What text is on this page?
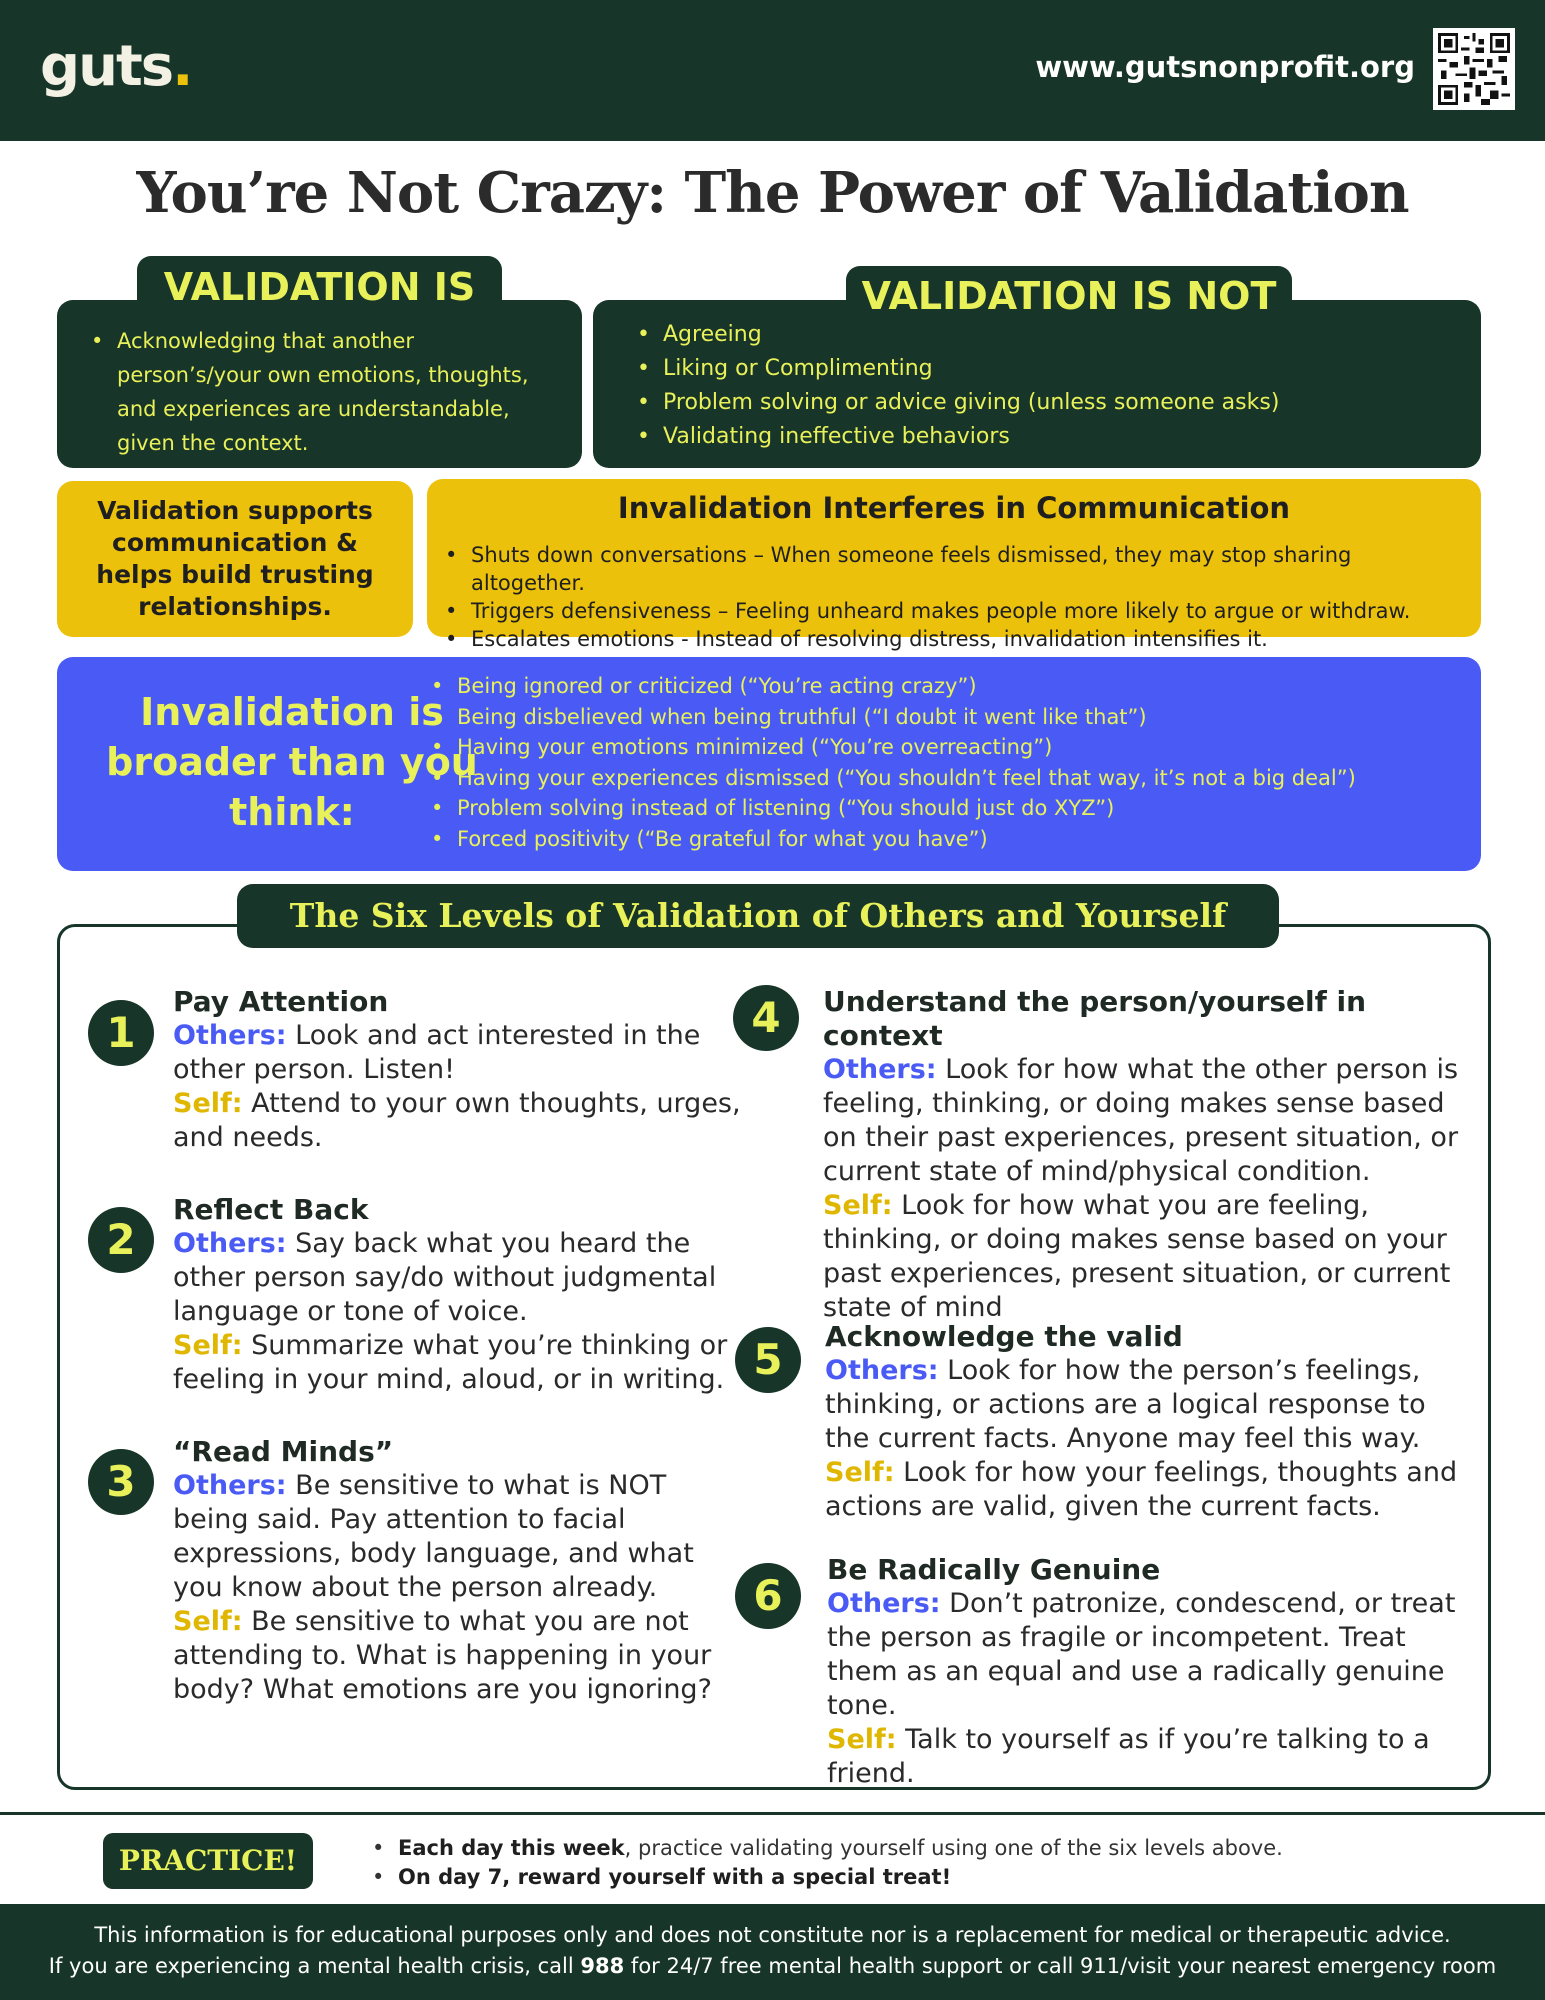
guts.	www.gutsnonprofit.org
You’re Not Crazy: The Power of Validation
• Acknowledging that another person’s/your own emotions, thoughts, and experiences are understandable, given the context.
VALIDATION IS
• Agreeing
• Liking or Complimenting
• Problem solving or advice giving (unless someone asks)
• Validating ineffective behaviors
VALIDATION IS NOT
Validation supports communication & helps build trusting relationships.
Invalidation Interferes in Communication
• Shuts down conversations – When someone feels dismissed, they may stop sharing altogether.
• Triggers defensiveness – Feeling unheard makes people more likely to argue or withdraw.
• Escalates emotions - Instead of resolving distress, invalidation intensifies it.
Invalidation is broader than you think:
• Being ignored or criticized (“You’re acting crazy”)
• Being disbelieved when being truthful (“I doubt it went like that”)
• Having your emotions minimized (“You’re overreacting”)
• Having your experiences dismissed (“You shouldn’t feel that way, it’s not a big deal”)
• Problem solving instead of listening (“You should just do XYZ”)
• Forced positivity (“Be grateful for what you have”)
The Six Levels of Validation of Others and Yourself
1
Pay Attention
Others: Look and act interested in the other person. Listen!
Self: Attend to your own thoughts, urges, and needs.
2
Reflect Back
Others: Say back what you heard the other person say/do without judgmental language or tone of voice.
Self: Summarize what you’re thinking or feeling in your mind, aloud, or in writing.
3
“Read Minds”
Others: Be sensitive to what is NOT being said. Pay attention to facial expressions, body language, and what you know about the person already.
Self: Be sensitive to what you are not attending to. What is happening in your body? What emotions are you ignoring?
4	Understand the person/yourself in context
Others: Look for how what the other person is feeling, thinking, or doing makes sense based on their past experiences, present situation, or current state of mind/physical condition.
Self: Look for how what you are feeling, thinking, or doing makes sense based on your past experiences, present situation, or current state of mind
5	Acknowledge the valid
Others: Look for how the person’s feelings, thinking, or actions are a logical response to the current facts. Anyone may feel this way.
Self: Look for how your feelings, thoughts and actions are valid, given the current facts.
6
Be Radically Genuine
Others: Don’t patronize, condescend, or treat the person as fragile or incompetent. Treat them as an equal and use a radically genuine tone.
Self: Talk to yourself as if you’re talking to a friend.
PRACTICE!
•	Each day this week, practice validating yourself using one of the six levels above.
• On day 7, reward yourself with a special treat!
This information is for educational purposes only and does not constitute nor is a replacement for medical or therapeutic advice.
If you are experiencing a mental health crisis, call 988 for 24/7 free mental health support or call 911/visit your nearest emergency room
